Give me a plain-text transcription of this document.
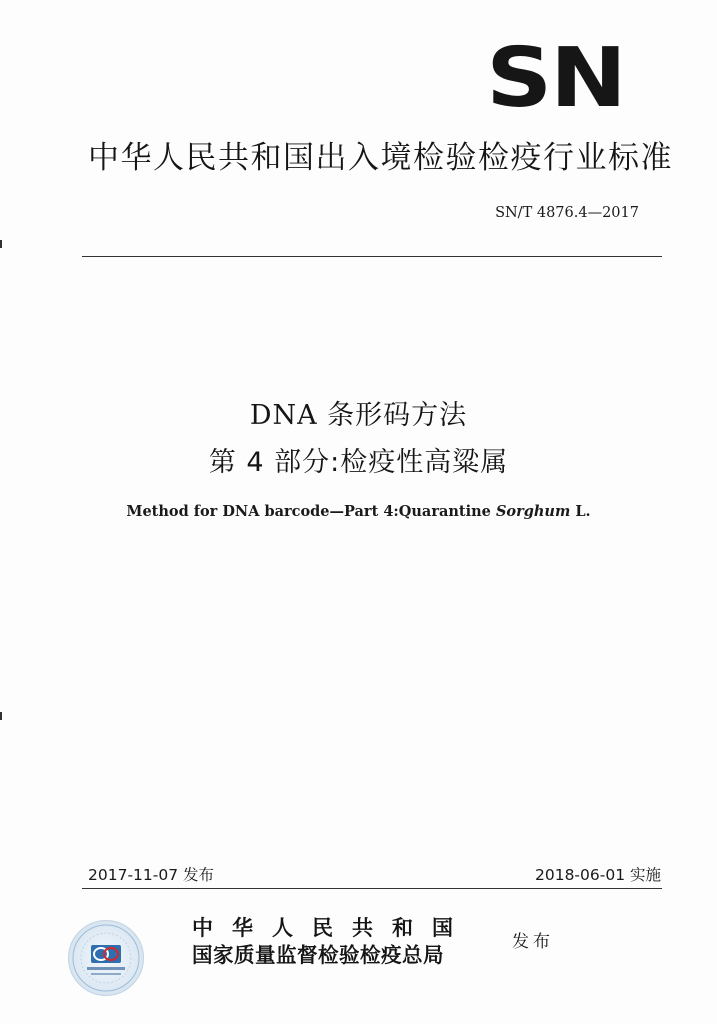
SN
中华人民共和国出入境检验检疫行业标准
SN/T 4876.4—2017
DNA 条形码方法
第 4 部分:检疫性高粱属
Method for DNA barcode—Part 4:Quarantine Sorghum L.
2017-11-07 发布	2018-06-01 实施
中华人民共和国
国家质量监督检验检疫总局
发布
